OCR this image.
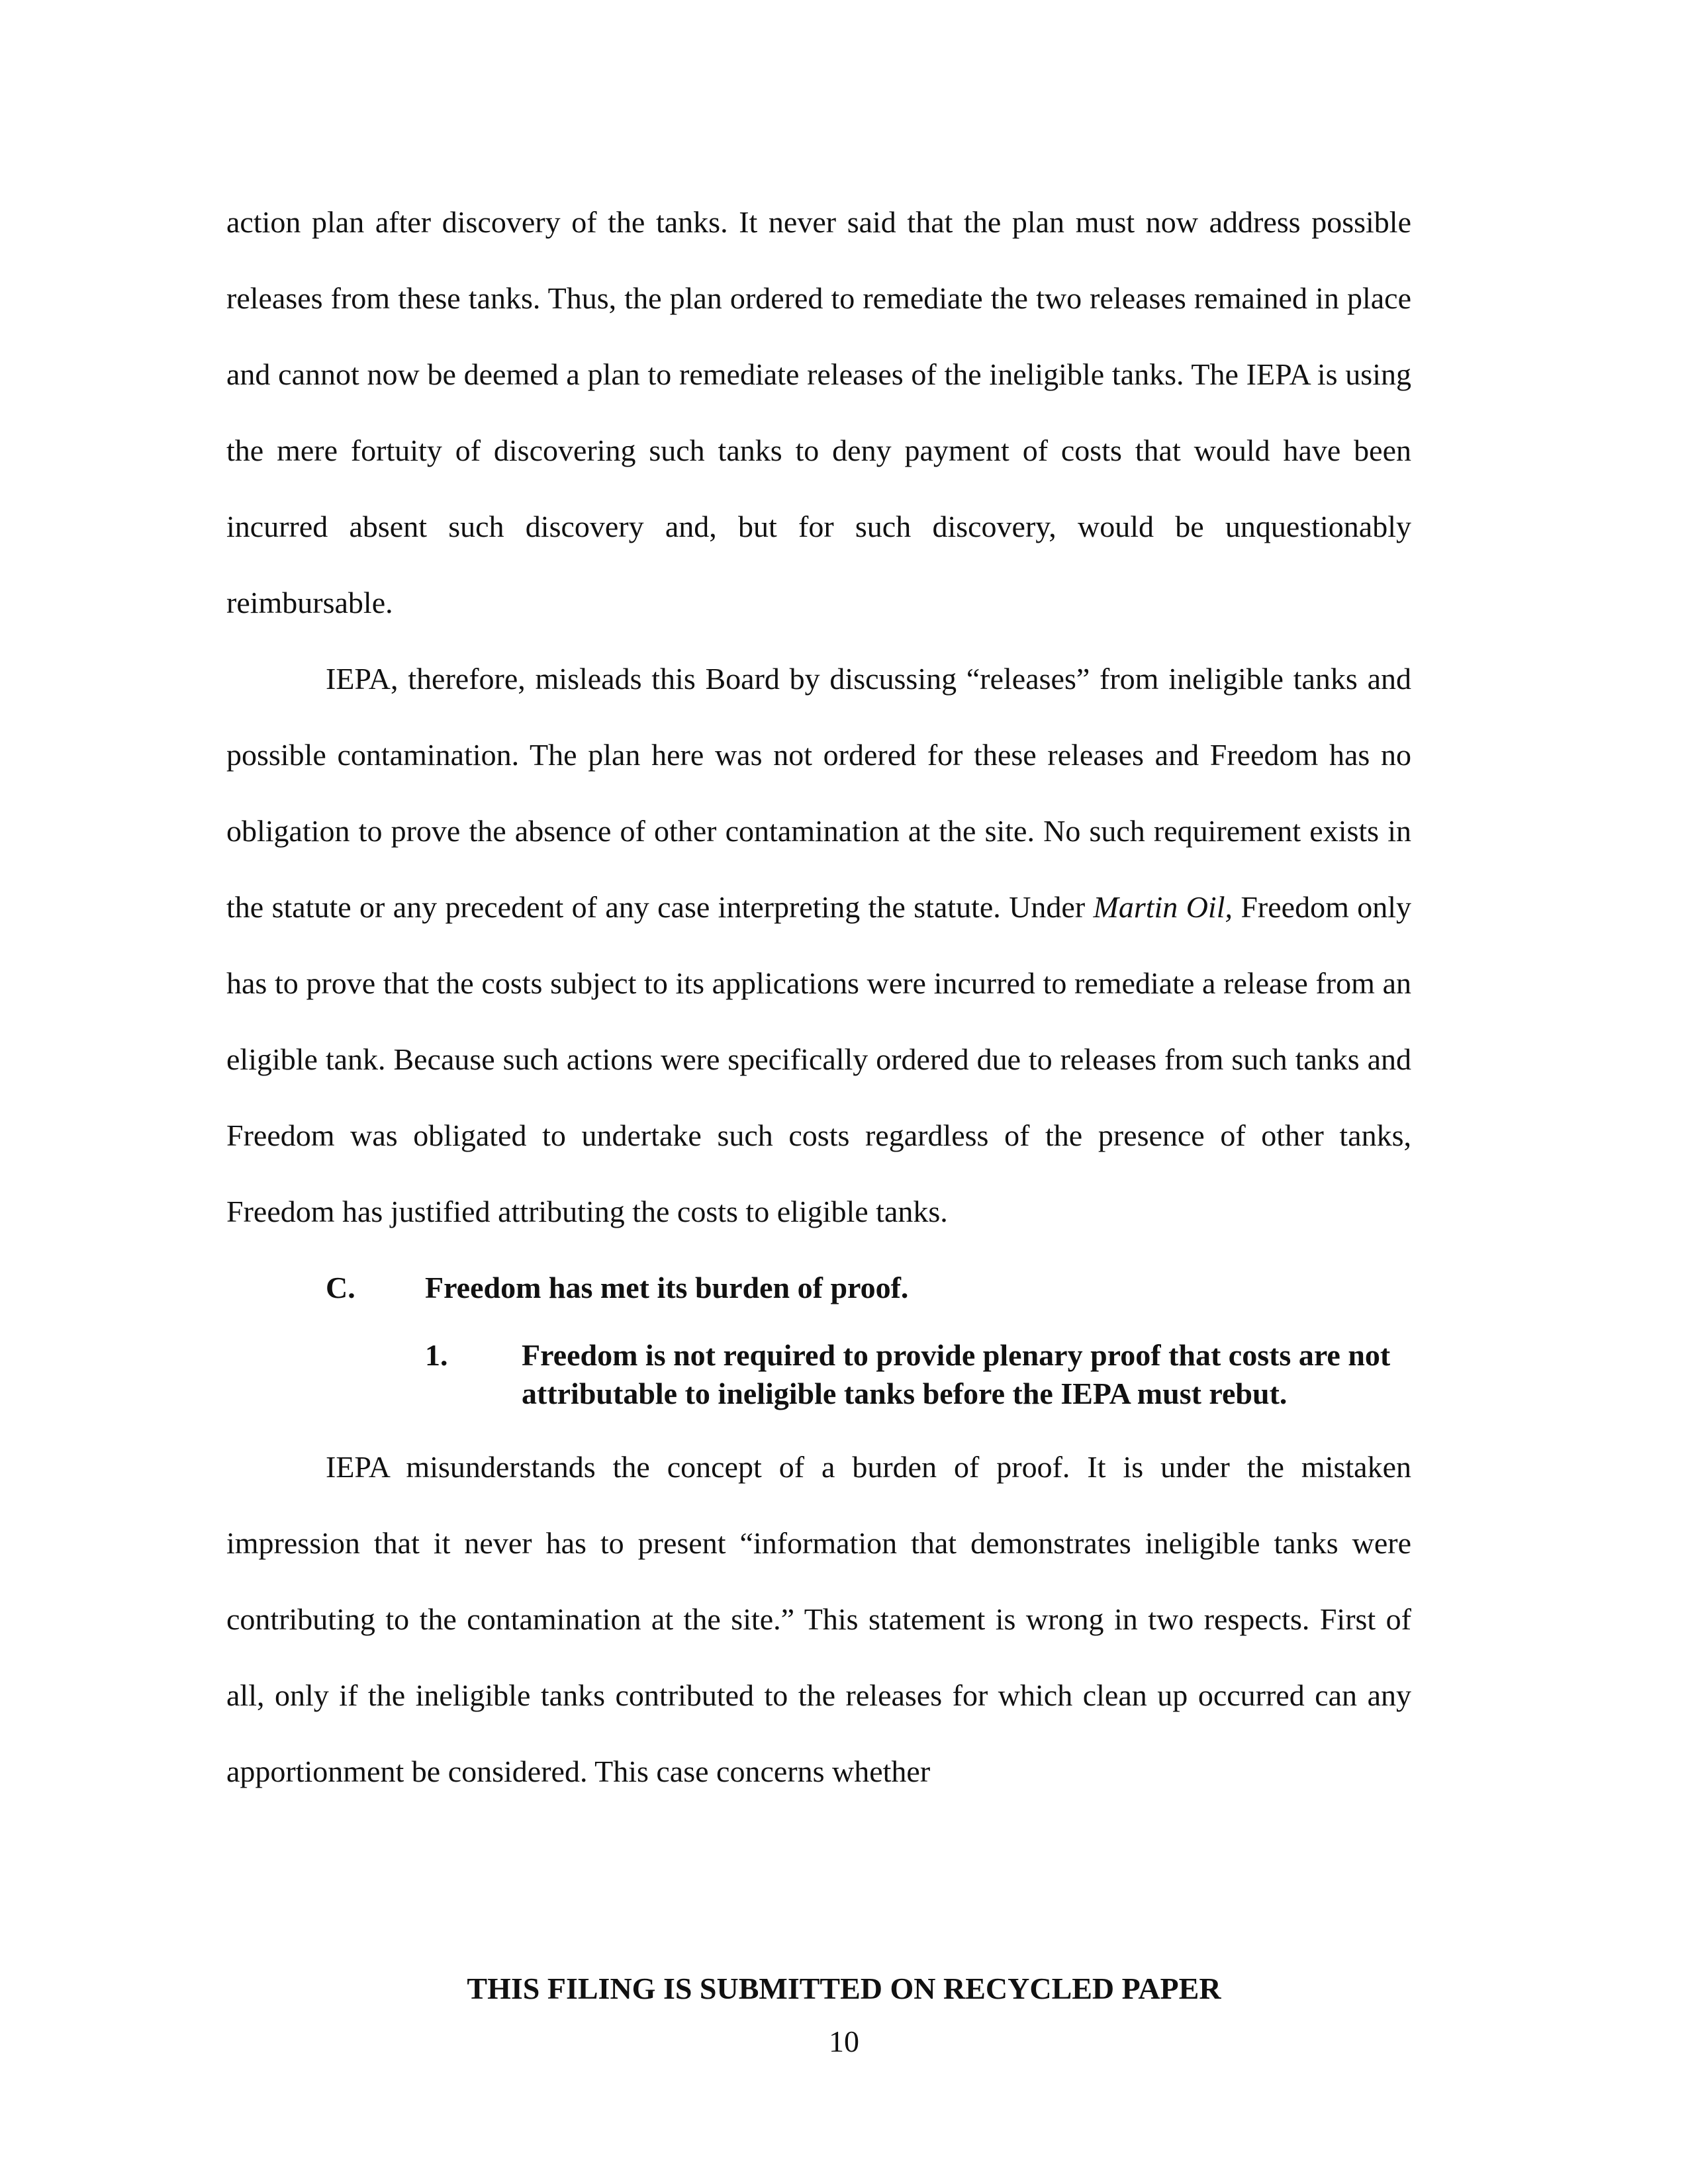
action plan after discovery of the tanks. It never said that the plan must now address possible releases from these tanks. Thus, the plan ordered to remediate the two releases remained in place and cannot now be deemed a plan to remediate releases of the ineligible tanks. The IEPA is using the mere fortuity of discovering such tanks to deny payment of costs that would have been incurred absent such discovery and, but for such discovery, would be unquestionably reimbursable.

IEPA, therefore, misleads this Board by discussing “releases” from ineligible tanks and possible contamination. The plan here was not ordered for these releases and Freedom has no obligation to prove the absence of other contamination at the site. No such requirement exists in the statute or any precedent of any case interpreting the statute. Under Martin Oil, Freedom only has to prove that the costs subject to its applications were incurred to remediate a release from an eligible tank. Because such actions were specifically ordered due to releases from such tanks and Freedom was obligated to undertake such costs regardless of the presence of other tanks, Freedom has justified attributing the costs to eligible tanks.

C.	Freedom has met its burden of proof.
1.	Freedom is not required to provide plenary proof that costs are not attributable to ineligible tanks before the IEPA must rebut.

IEPA misunderstands the concept of a burden of proof. It is under the mistaken impression that it never has to present “information that demonstrates ineligible tanks were contributing to the contamination at the site.” This statement is wrong in two respects. First of all, only if the ineligible tanks contributed to the releases for which clean up occurred can any apportionment be considered. This case concerns whether

THIS FILING IS SUBMITTED ON RECYCLED PAPER
10
